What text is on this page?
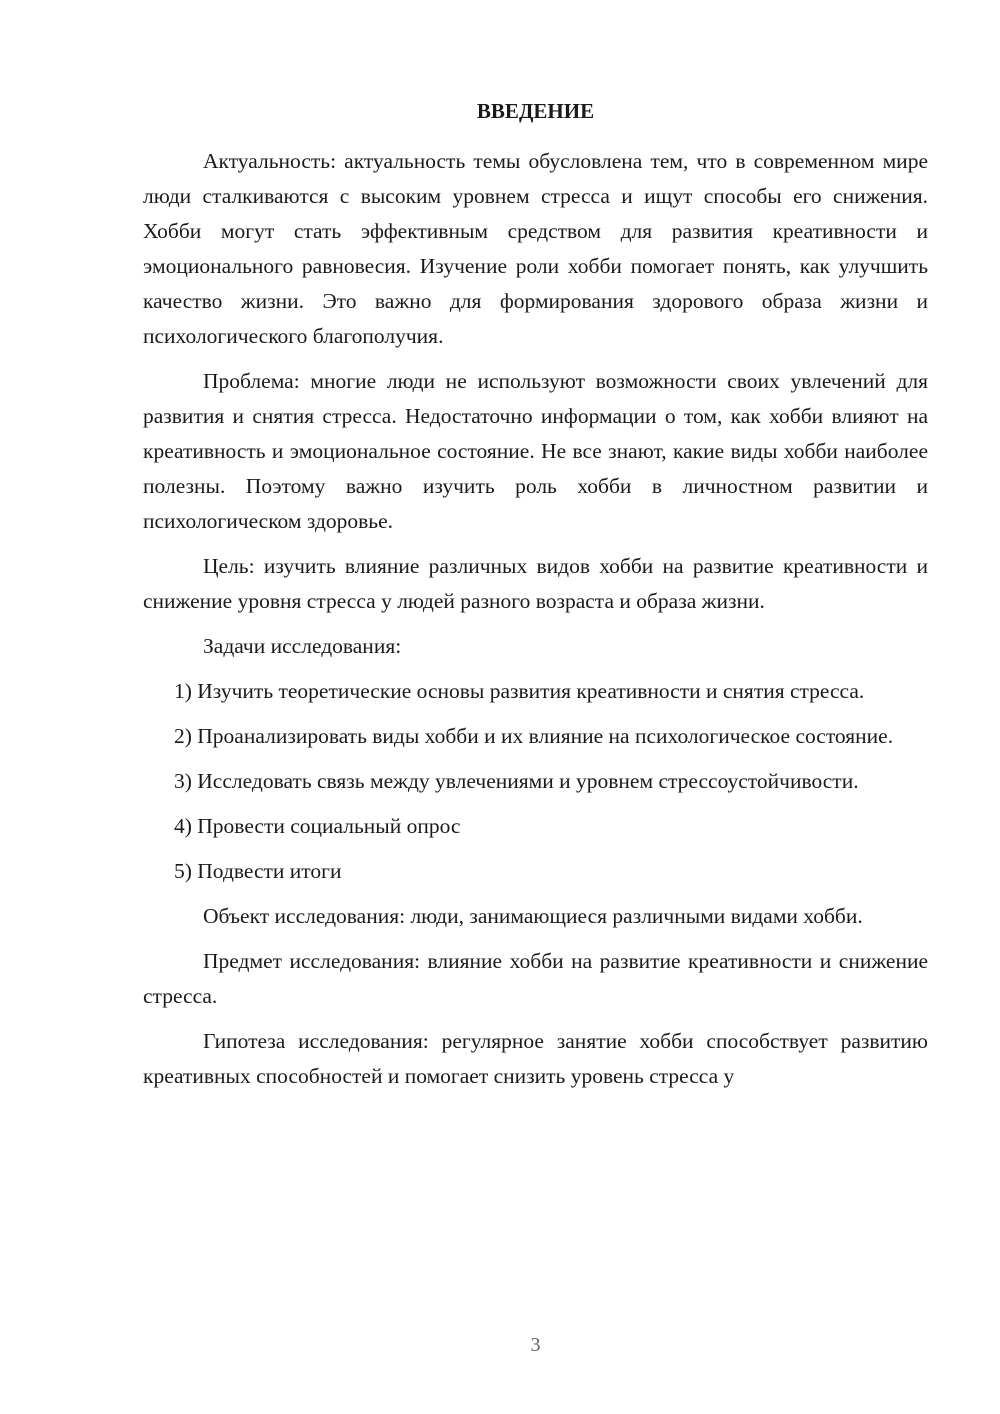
ВВЕДЕНИЕ

Актуальность: актуальность темы обусловлена тем, что в современном мире люди сталкиваются с высоким уровнем стресса и ищут способы его снижения. Хобби могут стать эффективным средством для развития креативности и эмоционального равновесия. Изучение роли хобби помогает понять, как улучшить качество жизни. Это важно для формирования здорового образа жизни и психологического благополучия.

Проблема: многие люди не используют возможности своих увлечений для развития и снятия стресса. Недостаточно информации о том, как хобби влияют на креативность и эмоциональное состояние. Не все знают, какие виды хобби наиболее полезны. Поэтому важно изучить роль хобби в личностном развитии и психологическом здоровье.

Цель: изучить влияние различных видов хобби на развитие креативности и снижение уровня стресса у людей разного возраста и образа жизни.

Задачи исследования:

1) Изучить теоретические основы развития креативности и снятия стресса.

2) Проанализировать виды хобби и их влияние на психологическое состояние.

3) Исследовать связь между увлечениями и уровнем стрессоустойчивости.

4) Провести социальный опрос

5) Подвести итоги

Объект исследования: люди, занимающиеся различными видами хобби.

Предмет исследования: влияние хобби на развитие креативности и снижение стресса.

Гипотеза исследования: регулярное занятие хобби способствует развитию креативных способностей и помогает снизить уровень стресса у

3
